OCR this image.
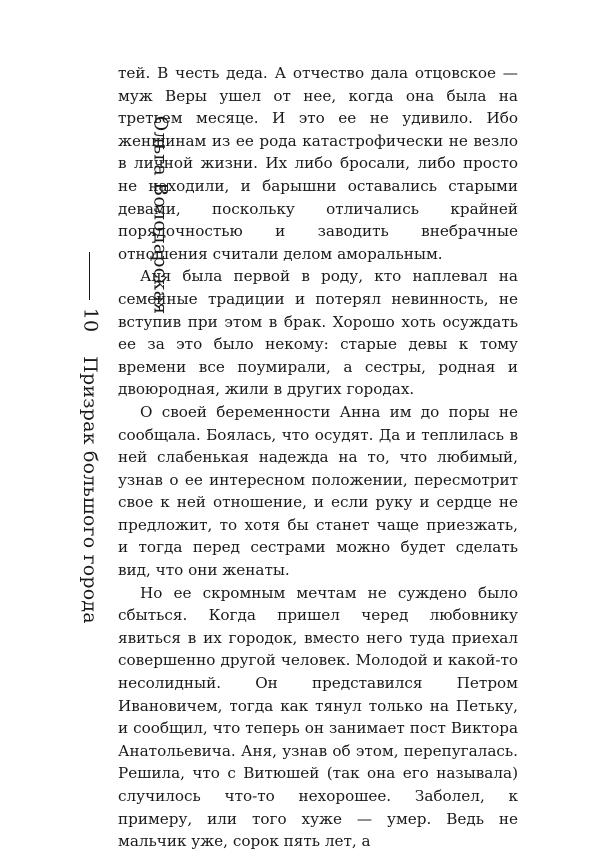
Ольга Володарская
10
Призрак большого города

тей. В честь деда. А отчество дала отцовское — муж Веры ушел от нее, когда она была на третьем месяце. И это ее не удивило. Ибо женщинам из ее рода катастрофически не везло в личной жизни. Их либо бросали, либо просто не находили, и барышни оставались старыми девами, поскольку отличались крайней порядочностью и заводить внебрачные отношения считали делом аморальным.

Аня была первой в роду, кто наплевал на семейные традиции и потерял невинность, не вступив при этом в брак. Хорошо хоть осуждать ее за это было некому: старые девы к тому времени все поумирали, а сестры, родная и двоюродная, жили в других городах.

О своей беременности Анна им до поры не сообщала. Боялась, что осудят. Да и теплилась в ней слабенькая надежда на то, что любимый, узнав о ее интересном положении, пересмотрит свое к ней отношение, и если руку и сердце не предложит, то хотя бы станет чаще приезжать, и тогда перед сестрами можно будет сделать вид, что они женаты.

Но ее скромным мечтам не суждено было сбыться. Когда пришел черед любовнику явиться в их городок, вместо него туда приехал совершенно другой человек. Молодой и какой-то несолидный. Он представился Петром Ивановичем, тогда как тянул только на Петьку, и сообщил, что теперь он занимает пост Виктора Анатольевича. Аня, узнав об этом, перепугалась. Решила, что с Витюшей (так она его называла) случилось что-то нехорошее. Заболел, к примеру, или того хуже — умер. Ведь не мальчик уже, сорок пять лет, а
